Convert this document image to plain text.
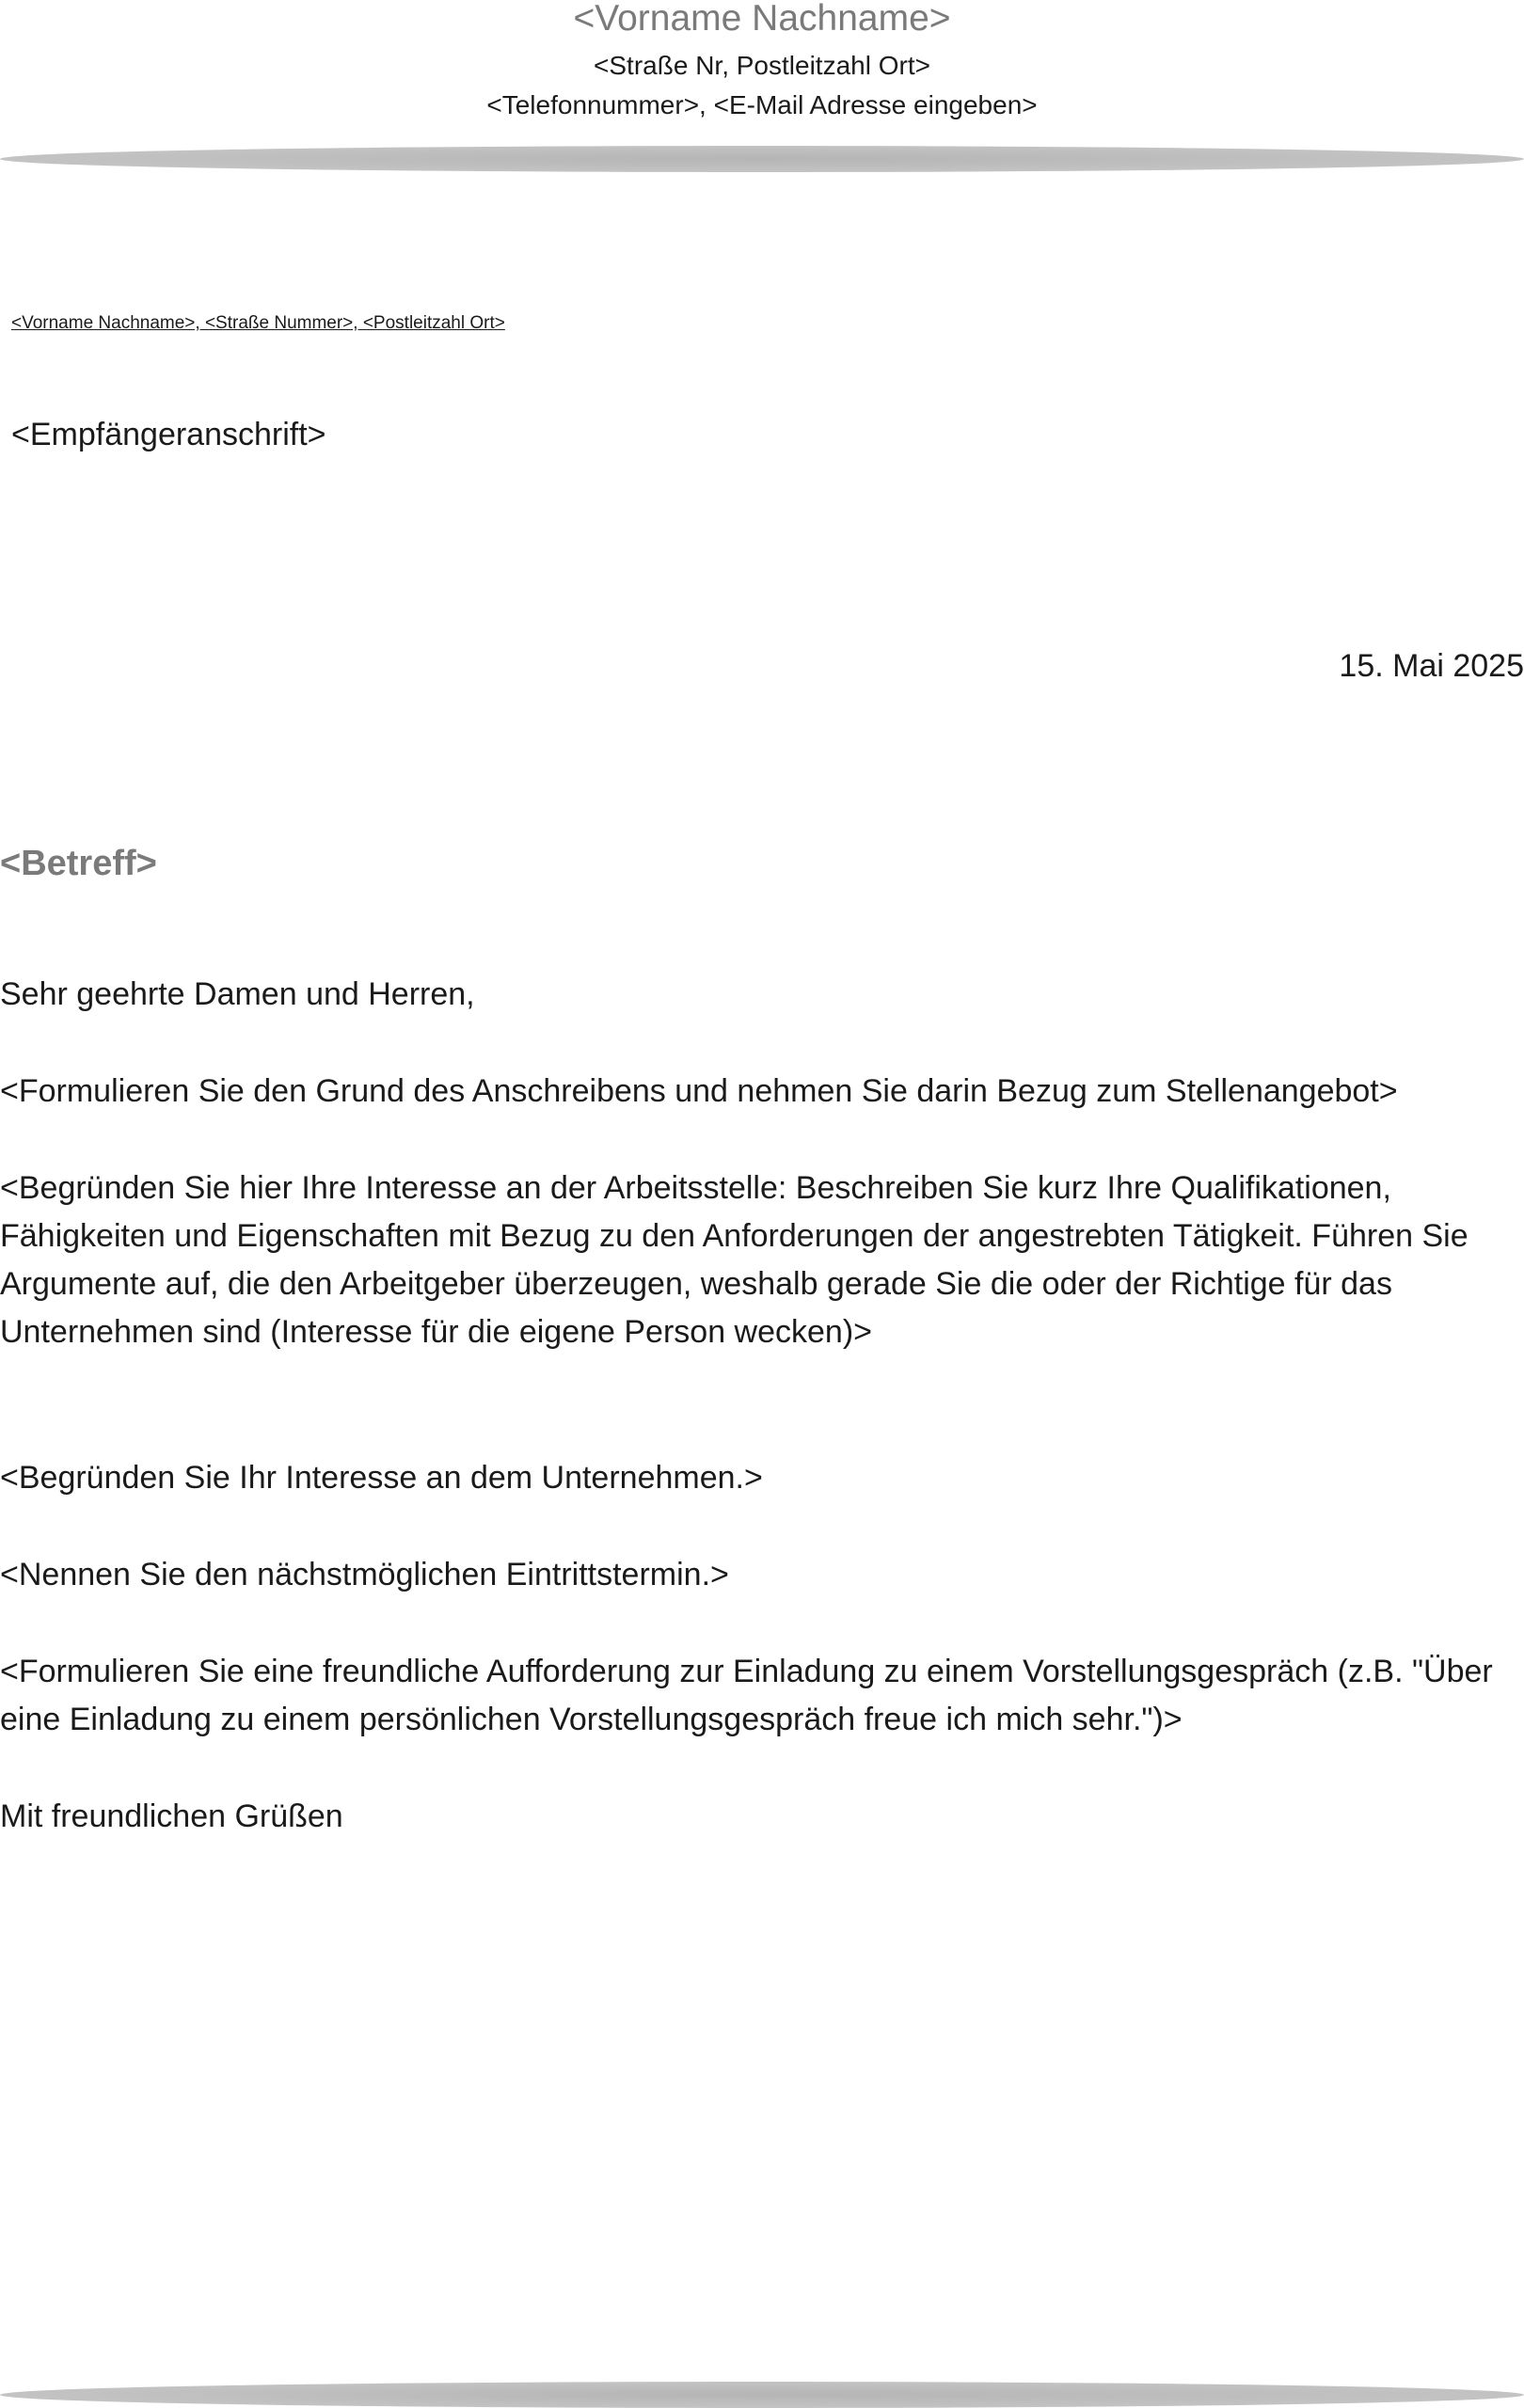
<Vorname Nachname>
<Straße Nr, Postleitzahl Ort>
<Telefonnummer>, <E-Mail Adresse eingeben>
<Vorname Nachname>, <Straße Nummer>, <Postleitzahl Ort>
<Empfängeranschrift>
15. Mai 2025
<Betreff>

Sehr geehrte Damen und Herren,

<Formulieren Sie den Grund des Anschreibens und nehmen Sie darin Bezug zum Stellenangebot>

<Begründen Sie hier Ihre Interesse an der Arbeitsstelle: Beschreiben Sie kurz Ihre Qualifikationen, Fähigkeiten und Eigenschaften mit Bezug zu den Anforderungen der angestrebten Tätigkeit. Führen Sie Argumente auf, die den Arbeitgeber überzeugen, weshalb gerade Sie die oder der Richtige für das Unternehmen sind (Interesse für die eigene Person wecken)>

<Begründen Sie Ihr Interesse an dem Unternehmen.>

<Nennen Sie den nächstmöglichen Eintrittstermin.>

<Formulieren Sie eine freundliche Aufforderung zur Einladung zu einem Vorstellungsgespräch (z.B. "Über eine Einladung zu einem persönlichen Vorstellungsgespräch freue ich mich sehr.")>

Mit freundlichen Grüßen
